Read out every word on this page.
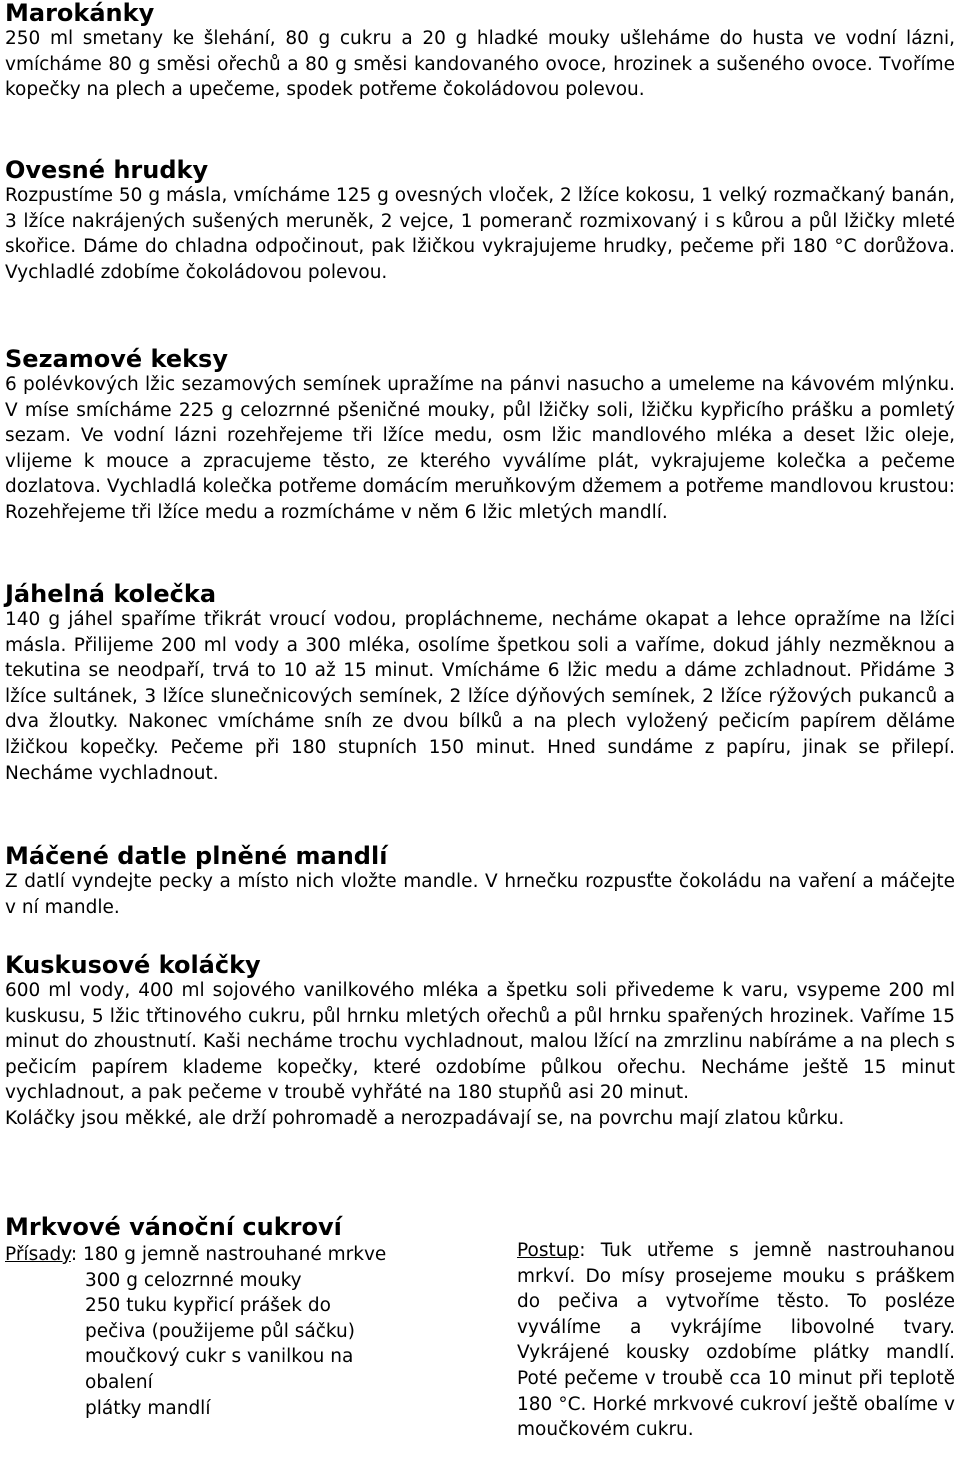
Marokánky

250 ml smetany ke šlehání, 80 g cukru a 20 g hladké mouky ušleháme do husta ve vodní lázni, vmícháme 80 g směsi ořechů a 80 g směsi kandovaného ovoce, hrozinek a sušeného ovoce. Tvoříme kopečky na plech a upečeme, spodek potřeme čokoládovou polevou.

Ovesné hrudky

Rozpustíme 50 g másla, vmícháme 125 g ovesných vloček, 2 lžíce kokosu, 1 velký rozmačkaný banán, 3 lžíce nakrájených sušených meruněk, 2 vejce, 1 pomeranč rozmixovaný i s kůrou a půl lžičky mleté skořice. Dáme do chladna odpočinout, pak lžičkou vykrajujeme hrudky, pečeme při 180 °C dorůžova. Vychladlé zdobíme čokoládovou polevou.

Sezamové keksy

6 polévkových lžic sezamových semínek upražíme na pánvi nasucho a umeleme na kávovém mlýnku. V míse smícháme 225 g celozrnné pšeničné mouky, půl lžičky soli, lžičku kypřicího prášku a pomletý sezam. Ve vodní lázni rozehřejeme tři lžíce medu, osm lžic mandlového mléka a deset lžic oleje, vlijeme k mouce a zpracujeme těsto, ze kterého vyválíme plát, vykrajujeme kolečka a pečeme dozlatova. Vychladlá kolečka potřeme domácím meruňkovým džemem a potřeme mandlovou krustou: Rozehřejeme tři lžíce medu a rozmícháme v něm 6 lžic mletých mandlí.

Jáhelná kolečka

140 g jáhel spaříme třikrát vroucí vodou, propláchneme, necháme okapat a lehce opražíme na lžíci másla. Přilijeme 200 ml vody a 300 mléka, osolíme špetkou soli a vaříme, dokud jáhly nezměknou a tekutina se neodpaří, trvá to 10 až 15 minut. Vmícháme 6 lžic medu a dáme zchladnout. Přidáme 3 lžíce sultánek, 3 lžíce slunečnicových semínek, 2 lžíce dýňových semínek, 2 lžíce rýžových pukanců a dva žloutky. Nakonec vmícháme sníh ze dvou bílků a na plech vyložený pečicím papírem děláme lžičkou kopečky. Pečeme při 180 stupních 150 minut. Hned sundáme z papíru, jinak se přilepí. Necháme vychladnout.

Máčené datle plněné mandlí

Z datlí vyndejte pecky a místo nich vložte mandle. V hrnečku rozpusťte čokoládu na vaření a máčejte v ní mandle.

Kuskusové koláčky

600 ml vody, 400 ml sojového vanilkového mléka a špetku soli přivedeme k varu, vsypeme 200 ml kuskusu, 5 lžic třtinového cukru, půl hrnku mletých ořechů a půl hrnku spařených hrozinek. Vaříme 15 minut do zhoustnutí. Kaši necháme trochu vychladnout, malou lžící na zmrzlinu nabíráme a na plech s pečicím papírem klademe kopečky, které ozdobíme půlkou ořechu. Necháme ještě 15 minut vychladnout, a pak pečeme v troubě vyhřáté na 180 stupňů asi 20 minut.

Koláčky jsou měkké, ale drží pohromadě a nerozpadávají se, na povrchu mají zlatou kůrku.

Mrkvové vánoční cukroví
Přísady: 180 g jemně nastrouhané mrkve
300 g celozrnné mouky
250 tuku kypřicí prášek do pečiva (použijeme půl sáčku)
moučkový cukr s vanilkou na obalení
plátky mandlí

Postup: Tuk utřeme s jemně nastrouhanou mrkví. Do mísy prosejeme mouku s práškem do pečiva a vytvoříme těsto. To posléze vyválíme a vykrájíme libovolné tvary. Vykrájené kousky ozdobíme plátky mandlí. Poté pečeme v troubě cca 10 minut při teplotě 180 °C. Horké mrkvové cukroví ještě obalíme v moučkovém cukru.
